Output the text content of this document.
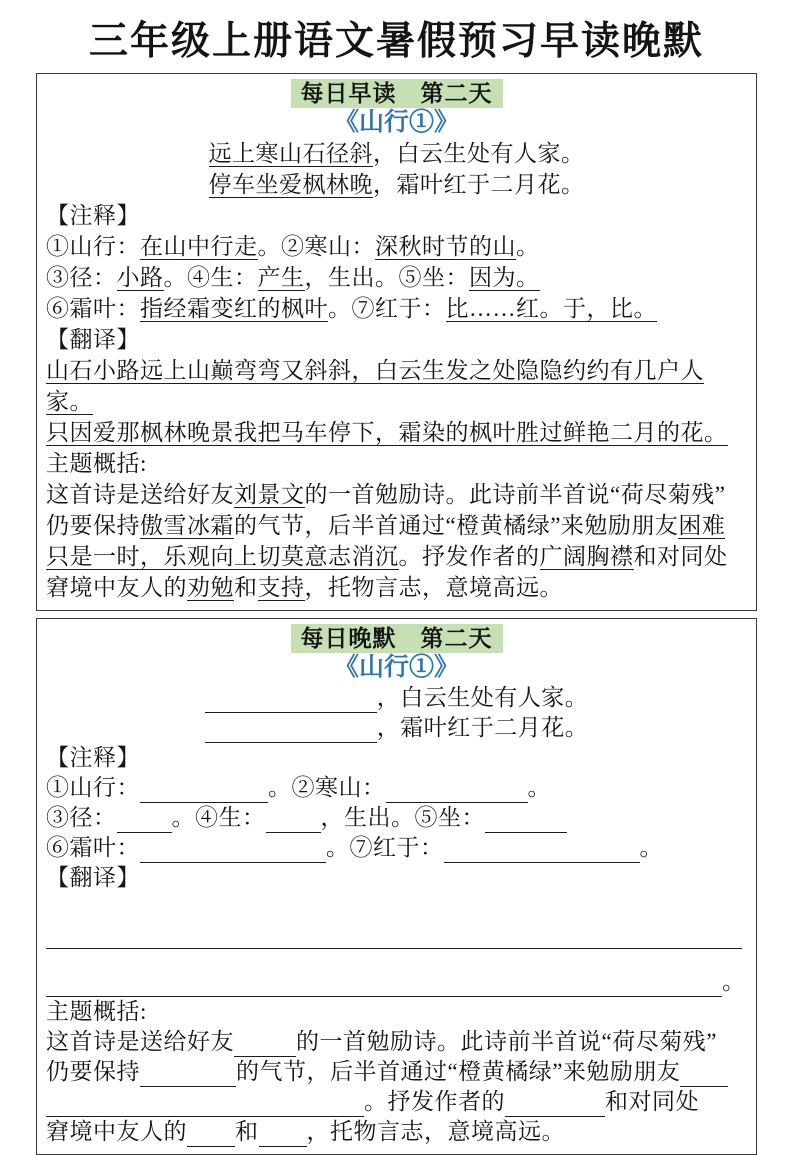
三年级上册语文暑假预习早读晚默
每日早读　第二天
《山行①》
远上寒山石径斜，白云生处有人家。
停车坐爱枫林晚，霜叶红于二月花。
【注释】
①山行：在山中行走。②寒山：深秋时节的山。
③径：小路。④生：产生，生出。⑤坐：因为。
⑥霜叶：指经霜变红的枫叶。⑦红于：比……红。于，比。
【翻译】
山石小路远上山巅弯弯又斜斜，白云生发之处隐隐约约有几户人家。
只因爱那枫林晚景我把马车停下，霜染的枫叶胜过鲜艳二月的花。
主题概括:
这首诗是送给好友刘景文的一首勉励诗。此诗前半首说“荷尽菊残”
仍要保持傲雪冰霜的气节，后半首通过“橙黄橘绿”来勉励朋友困难
只是一时，乐观向上切莫意志消沉。抒发作者的广阔胸襟和对同处
窘境中友人的劝勉和支持，托物言志，意境高远。
每日晚默　第二天
《山行①》
，白云生处有人家。
，霜叶红于二月花。
【注释】
①山行：	。②寒山：	。
③径： 。④生： ，生出。⑤坐：
⑥霜叶：	。⑦红于：	。
【翻译】
。
主题概括:
这首诗是送给好友	的一首勉励诗。此诗前半首说“荷尽菊残”
仍要保持	的气节，后半首通过“橙黄橘绿”来勉励朋友
。抒发作者的	和对同处
窘境中友人的 和 ，托物言志，意境高远。
